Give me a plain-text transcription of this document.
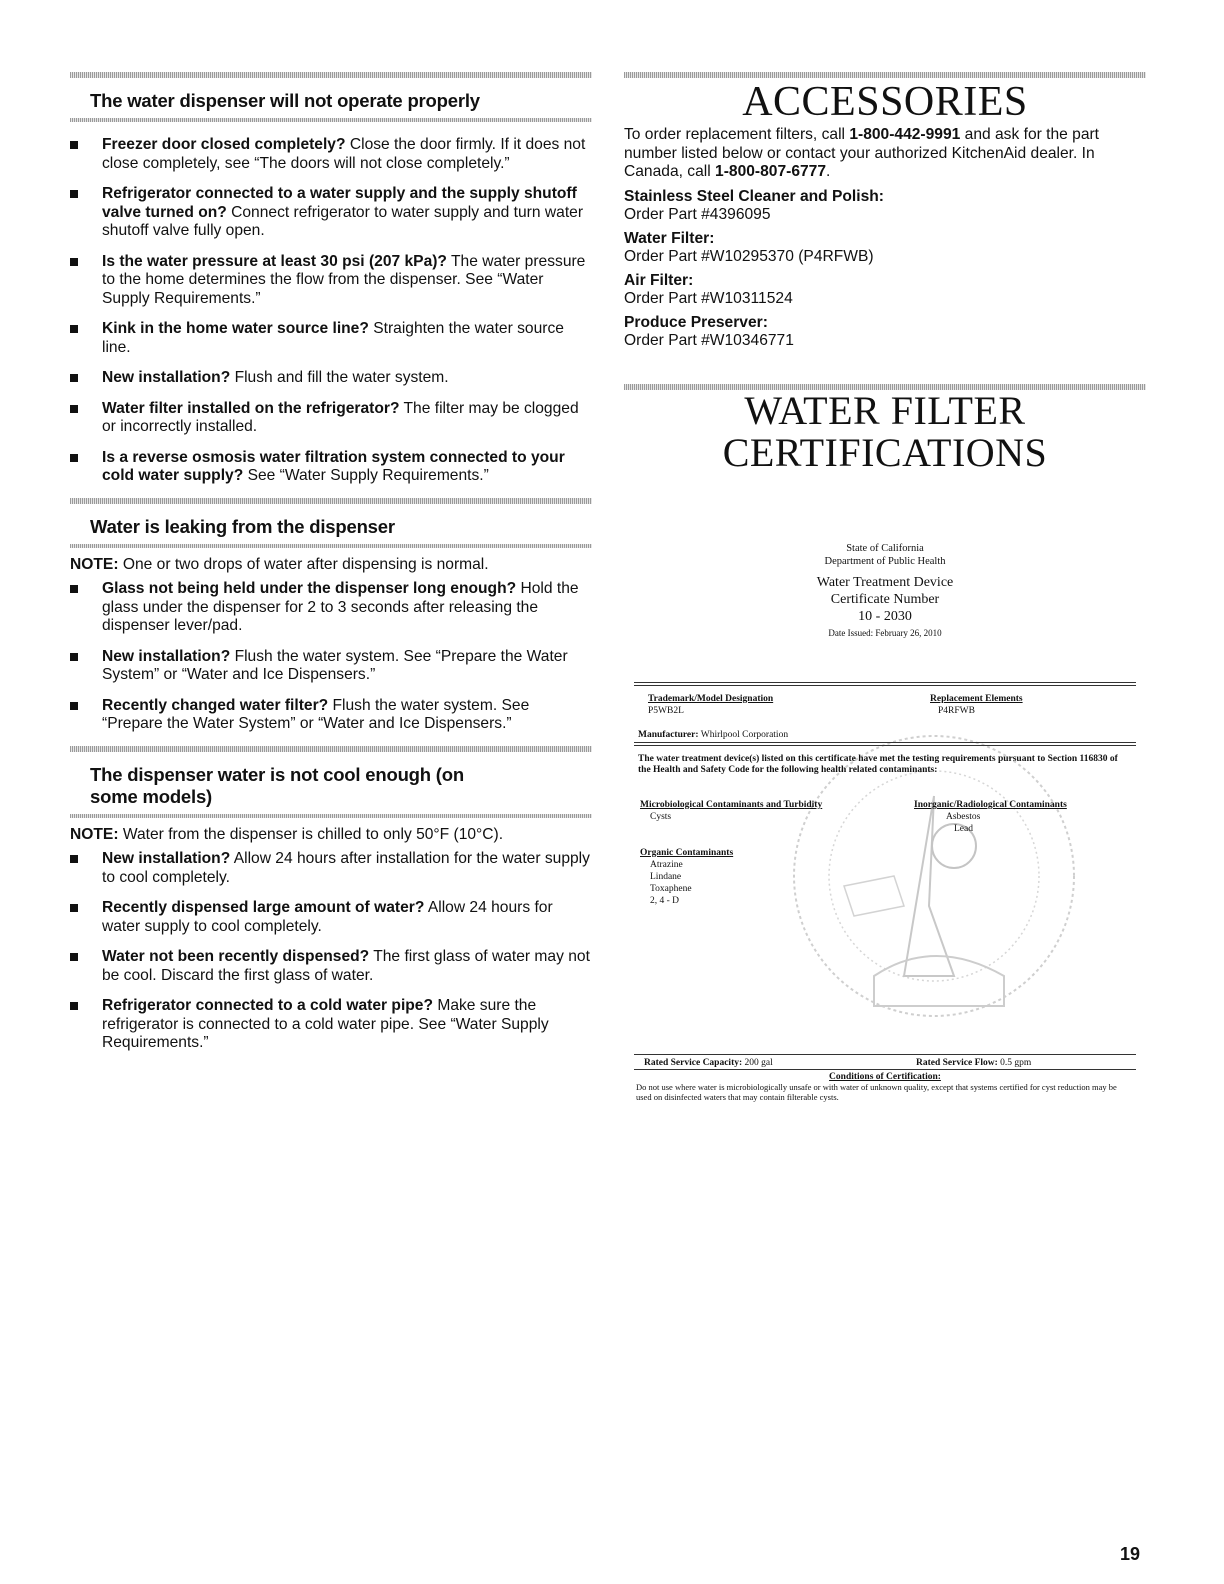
The water dispenser will not operate properly
Freezer door closed completely? Close the door firmly. If it does not close completely, see “The doors will not close completely.”
Refrigerator connected to a water supply and the supply shutoff valve turned on? Connect refrigerator to water supply and turn water shutoff valve fully open.
Is the water pressure at least 30 psi (207 kPa)? The water pressure to the home determines the flow from the dispenser. See “Water Supply Requirements.”
Kink in the home water source line? Straighten the water source line.
New installation? Flush and fill the water system.
Water filter installed on the refrigerator? The filter may be clogged or incorrectly installed.
Is a reverse osmosis water filtration system connected to your cold water supply? See “Water Supply Requirements.”
Water is leaking from the dispenser

NOTE: One or two drops of water after dispensing is normal.

Glass not being held under the dispenser long enough? Hold the glass under the dispenser for 2 to 3 seconds after releasing the dispenser lever/pad.
New installation? Flush the water system. See “Prepare the Water System” or “Water and Ice Dispensers.”
Recently changed water filter? Flush the water system. See “Prepare the Water System” or “Water and Ice Dispensers.”
The dispenser water is not cool enough (on some models)

NOTE: Water from the dispenser is chilled to only 50°F (10°C).

New installation? Allow 24 hours after installation for the water supply to cool completely.
Recently dispensed large amount of water? Allow 24 hours for water supply to cool completely.
Water not been recently dispensed? The first glass of water may not be cool. Discard the first glass of water.
Refrigerator connected to a cold water pipe? Make sure the refrigerator is connected to a cold water pipe. See “Water Supply Requirements.”
ACCESSORIES

To order replacement filters, call 1-800-442-9991 and ask for the part number listed below or contact your authorized KitchenAid dealer. In Canada, call 1-800-807-6777.

Stainless Steel Cleaner and Polish:
Order Part #4396095
Water Filter:
Order Part #W10295370 (P4RFWB)
Air Filter:
Order Part #W10311524
Produce Preserver:
Order Part #W10346771
WATER FILTER
CERTIFICATIONS
State of California
Department of Public Health
Water Treatment Device
Certificate Number
10 - 2030
Date Issued: February 26, 2010
Trademark/Model Designation
P5WB2L
Replacement Elements
P4RFWB
Manufacturer: Whirlpool Corporation
The water treatment device(s) listed on this certificate have met the testing requirements pursuant to Section 116830 of the Health and Safety Code for the following health related contaminants:
Microbiological Contaminants and Turbidity
Cysts
Inorganic/Radiological Contaminants
Asbestos
Lead
Organic Contaminants
Atrazine
Lindane
Toxaphene
2, 4 - D
Rated Service Capacity: 200 gal	Rated Service Flow: 0.5 gpm
Conditions of Certification:
Do not use where water is microbiologically unsafe or with water of unknown quality, except that systems certified for cyst reduction may be used on disinfected waters that may contain filterable cysts.
19
